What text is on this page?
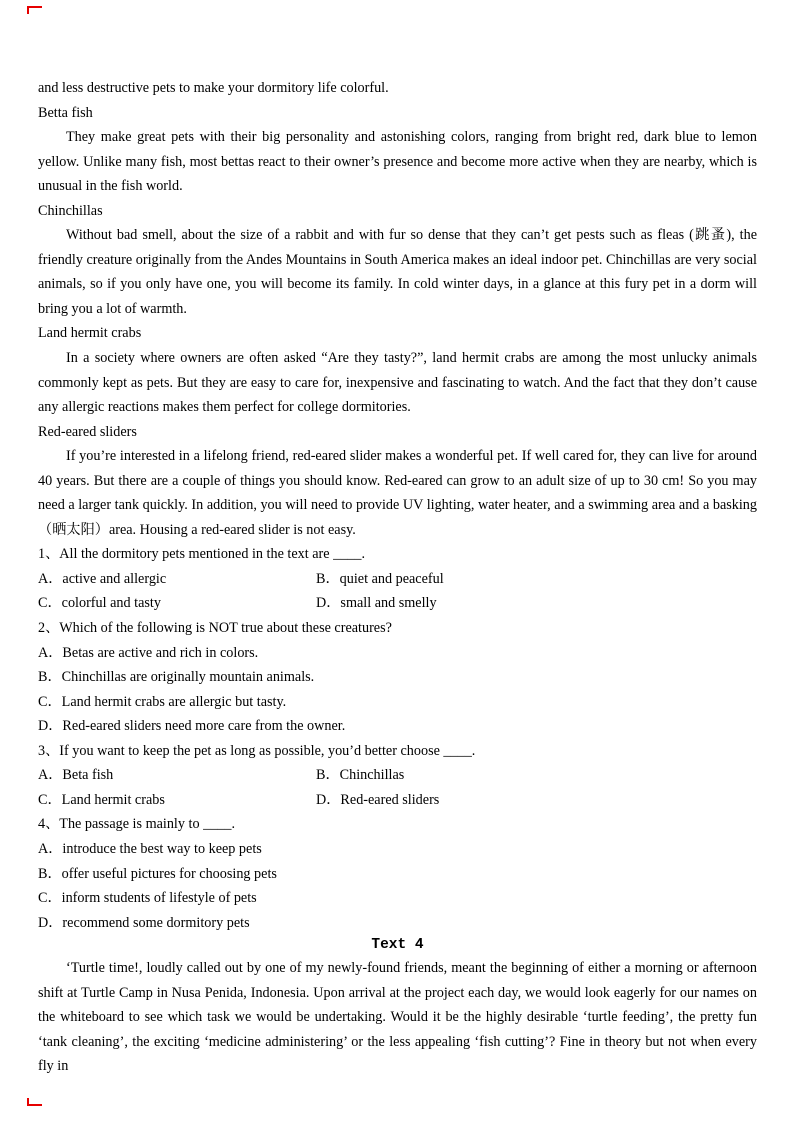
and less destructive pets to make your dormitory life colorful.

Betta fish

They make great pets with their big personality and astonishing colors, ranging from bright red, dark blue to lemon yellow. Unlike many fish, most bettas react to their owner’s presence and become more active when they are nearby, which is unusual in the fish world.

Chinchillas

Without bad smell, about the size of a rabbit and with fur so dense that they can’t get pests such as fleas (跳蚤), the friendly creature originally from the Andes Mountains in South America makes an ideal indoor pet. Chinchillas are very social animals, so if you only have one, you will become its family. In cold winter days, in a glance at this fury pet in a dorm will bring you a lot of warmth.

Land hermit crabs

In a society where owners are often asked “Are they tasty?”, land hermit crabs are among the most unlucky animals commonly kept as pets. But they are easy to care for, inexpensive and fascinating to watch. And the fact that they don’t cause any allergic reactions makes them perfect for college dormitories.

Red-eared sliders

If you’re interested in a lifelong friend, red-eared slider makes a wonderful pet. If well cared for, they can live for around 40 years. But there are a couple of things you should know. Red-eared can grow to an adult size of up to 30 cm! So you may need a larger tank quickly. In addition, you will need to provide UV lighting, water heater, and a swimming area and a basking（晒太阳）area. Housing a red-eared slider is not easy.

1、All the dormitory pets mentioned in the text are ____.

A．active and allergic	B．quiet and peaceful
C．colorful and tasty	D．small and smelly

2、Which of the following is NOT true about these creatures?

A．Betas are active and rich in colors.

B．Chinchillas are originally mountain animals.

C．Land hermit crabs are allergic but tasty.

D．Red-eared sliders need more care from the owner.

3、If you want to keep the pet as long as possible, you’d better choose ____.

A．Beta fish	B．Chinchillas
C．Land hermit crabs	D．Red-eared sliders

4、The passage is mainly to ____.

A．introduce the best way to keep pets

B．offer useful pictures for choosing pets

C．inform students of lifestyle of pets

D．recommend some dormitory pets

Text 4

‘Turtle time!, loudly called out by one of my newly-found friends, meant the beginning of either a morning or afternoon shift at Turtle Camp in Nusa Penida, Indonesia. Upon arrival at the project each day, we would look eagerly for our names on the whiteboard to see which task we would be undertaking. Would it be the highly desirable ‘turtle feeding’, the pretty fun ‘tank cleaning’, the exciting ‘medicine administering’ or the less appealing ‘fish cutting’? Fine in theory but not when every fly in
